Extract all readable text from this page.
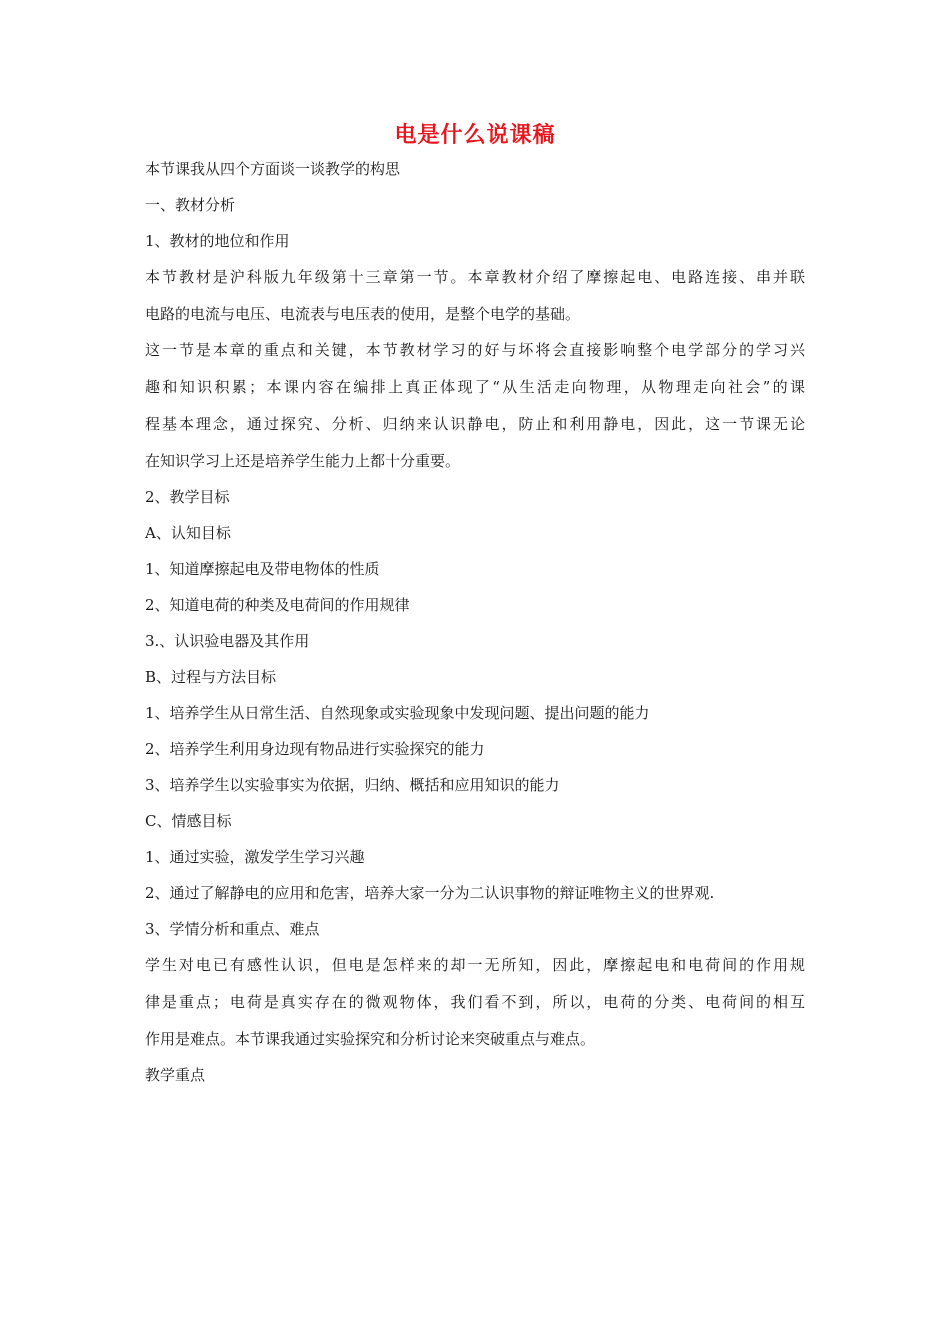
电是什么说课稿
本节课我从四个方面谈一谈教学的构思
一、教材分析
1、教材的地位和作用
本节教材是沪科版九年级第十三章第一节。本章教材介绍了摩擦起电、电路连接、串并联
电路的电流与电压、电流表与电压表的使用，是整个电学的基础。
这一节是本章的重点和关键，本节教材学习的好与坏将会直接影响整个电学部分的学习兴
趣和知识积累；本课内容在编排上真正体现了“从生活走向物理，从物理走向社会”的课
程基本理念，通过探究、分析、归纳来认识静电，防止和利用静电，因此，这一节课无论
在知识学习上还是培养学生能力上都十分重要。
2、教学目标
A、认知目标
1、知道摩擦起电及带电物体的性质
2、知道电荷的种类及电荷间的作用规律
3.、认识验电器及其作用
B、过程与方法目标
1、培养学生从日常生活、自然现象或实验现象中发现问题、提出问题的能力
2、培养学生利用身边现有物品进行实验探究的能力
3、培养学生以实验事实为依据，归纳、概括和应用知识的能力
C、情感目标
1、通过实验，激发学生学习兴趣
2、通过了解静电的应用和危害，培养大家一分为二认识事物的辩证唯物主义的世界观.
3、学情分析和重点、难点
学生对电已有感性认识，但电是怎样来的却一无所知，因此，摩擦起电和电荷间的作用规
律是重点；电荷是真实存在的微观物体，我们看不到，所以，电荷的分类、电荷间的相互
作用是难点。本节课我通过实验探究和分析讨论来突破重点与难点。
教学重点
